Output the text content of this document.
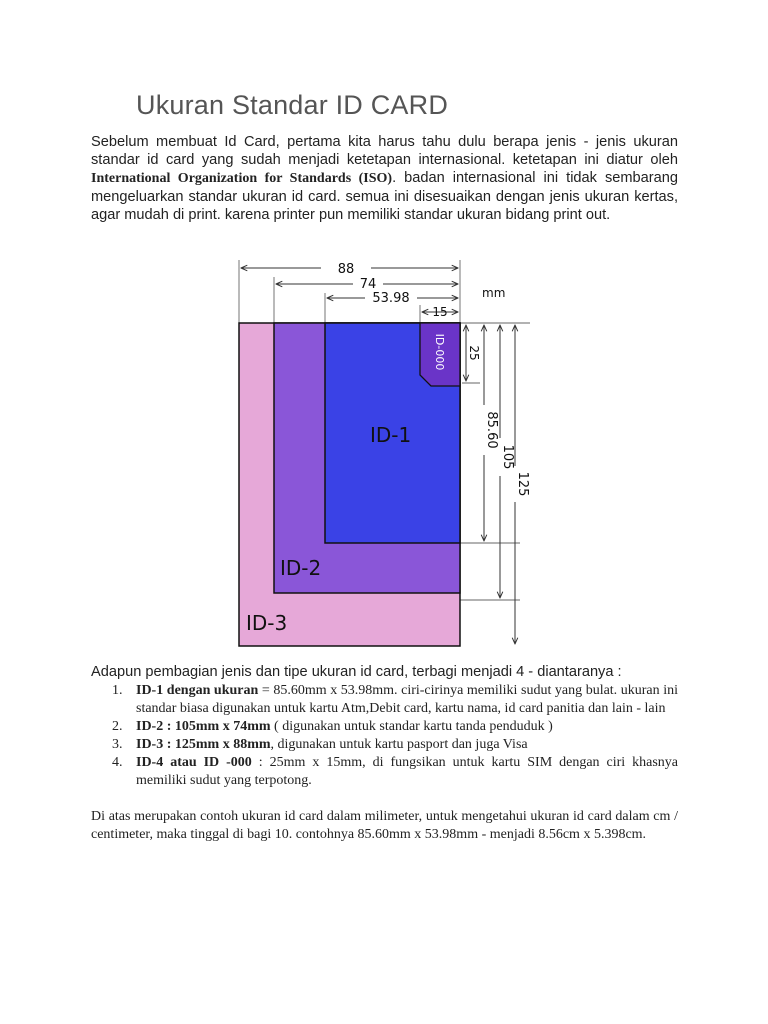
Ukuran Standar ID CARD

Sebelum membuat Id Card, pertama kita harus tahu dulu berapa jenis - jenis ukuran standar id card yang sudah menjadi ketetapan internasional. ketetapan ini diatur oleh International Organization for Standards (ISO). badan internasional ini tidak sembarang mengeluarkan standar ukuran id card. semua ini disesuaikan dengan jenis ukuran kertas, agar mudah di print. karena printer pun memiliki standar ukuran bidang print out.

88
74
53.98
15
mm
25
85.60
105
125
ID-1
ID-2
ID-3
ID-000

Adapun pembagian jenis dan tipe ukuran id card, terbagi menjadi 4 - diantaranya :

1. ID-1 dengan ukuran = 85.60mm x 53.98mm. ciri-cirinya memiliki sudut yang bulat. ukuran ini standar biasa digunakan untuk kartu Atm,Debit card, kartu nama, id card panitia dan lain - lain
2. ID-2 : 105mm x 74mm ( digunakan untuk standar kartu tanda penduduk )
3. ID-3 : 125mm x 88mm, digunakan untuk kartu pasport dan juga Visa
4. ID-4 atau ID -000 : 25mm x 15mm, di fungsikan untuk kartu SIM dengan ciri khasnya memiliki sudut yang terpotong.

Di atas merupakan contoh ukuran id card dalam milimeter, untuk mengetahui ukuran id card dalam cm / centimeter, maka tinggal di bagi 10. contohnya 85.60mm x 53.98mm - menjadi 8.56cm x 5.398cm.
